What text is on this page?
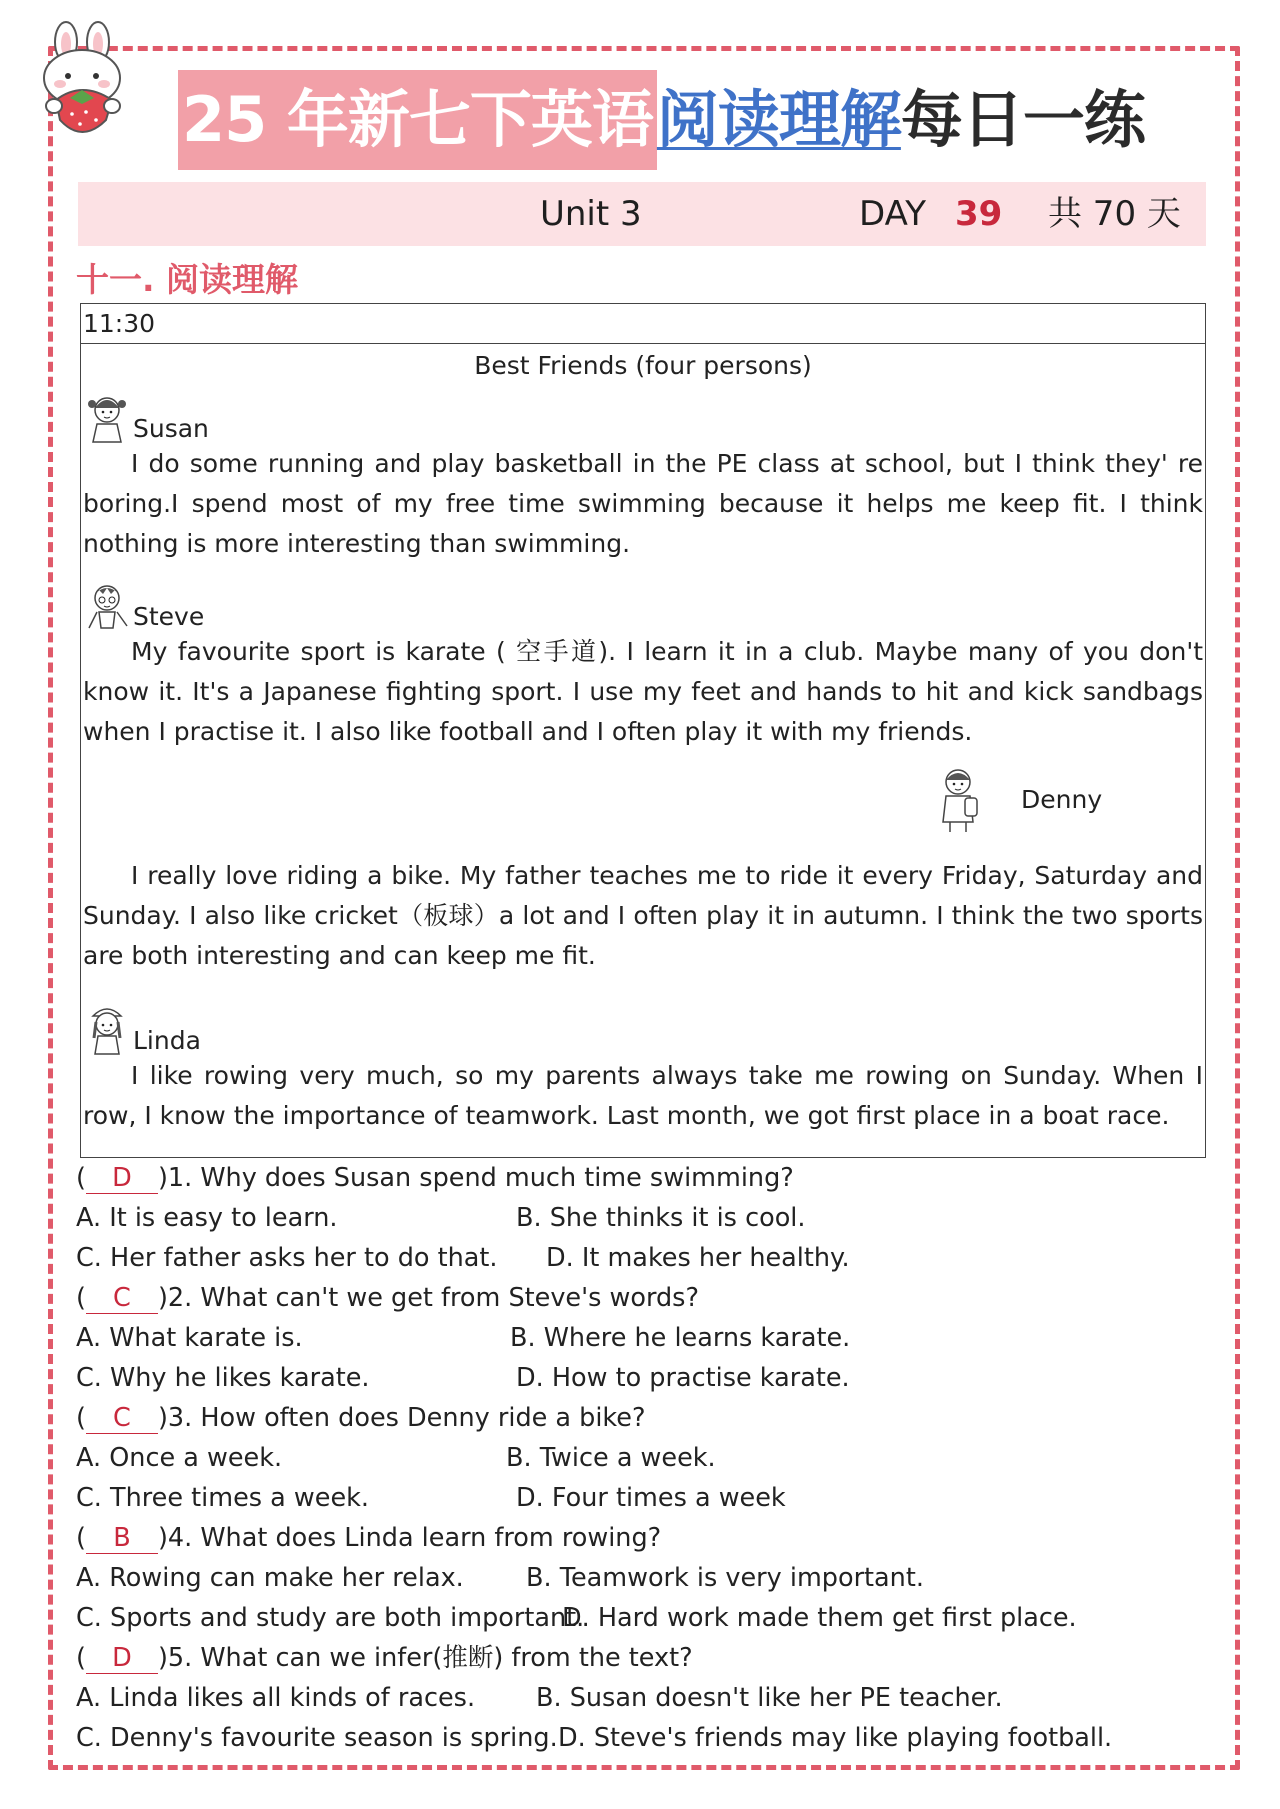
25 年新七下英语阅读理解每日一练
Unit 3	DAY 39 共 70 天
十一. 阅读理解
11:30
Best Friends (four persons)
Susan
I do some running and play basketball in the PE class at school, but I think they' re boring.I spend most of my free time swimming because it helps me keep fit. I think nothing is more interesting than swimming.
Steve
My favourite sport is karate ( 空手道). I learn it in a club. Maybe many of you don't know it. It's a Japanese fighting sport. I use my feet and hands to hit and kick sandbags when I practise it. I also like football and I often play it with my friends.
Denny
I really love riding a bike. My father teaches me to ride it every Friday, Saturday and Sunday. I also like cricket（板球）a lot and I often play it in autumn. I think the two sports are both interesting and can keep me fit.
Linda
I like rowing very much, so my parents always take me rowing on Sunday. When I row, I know the importance of teamwork. Last month, we got first place in a boat race.
( D )1. Why does Susan spend much time swimming?
A. It is easy to learn.	B. She thinks it is cool.
C. Her father asks her to do that. D. It makes her healthy.
( C )2. What can't we get from Steve's words?
A. What karate is.	B. Where he learns karate.
C. Why he likes karate.	D. How to practise karate.
( C )3. How often does Denny ride a bike?
A. Once a week.	B. Twice a week.
C. Three times a week.	D. Four times a week
( B )4. What does Linda learn from rowing?
A. Rowing can make her relax. B. Teamwork is very important.
C. Sports and study are both important.
D. Hard work made them get first place.
( D )5. What can we infer(推断) from the text?
A. Linda likes all kinds of races. B. Susan doesn't like her PE teacher.
C. Denny's favourite season is spring. D. Steve's friends may like playing football.
